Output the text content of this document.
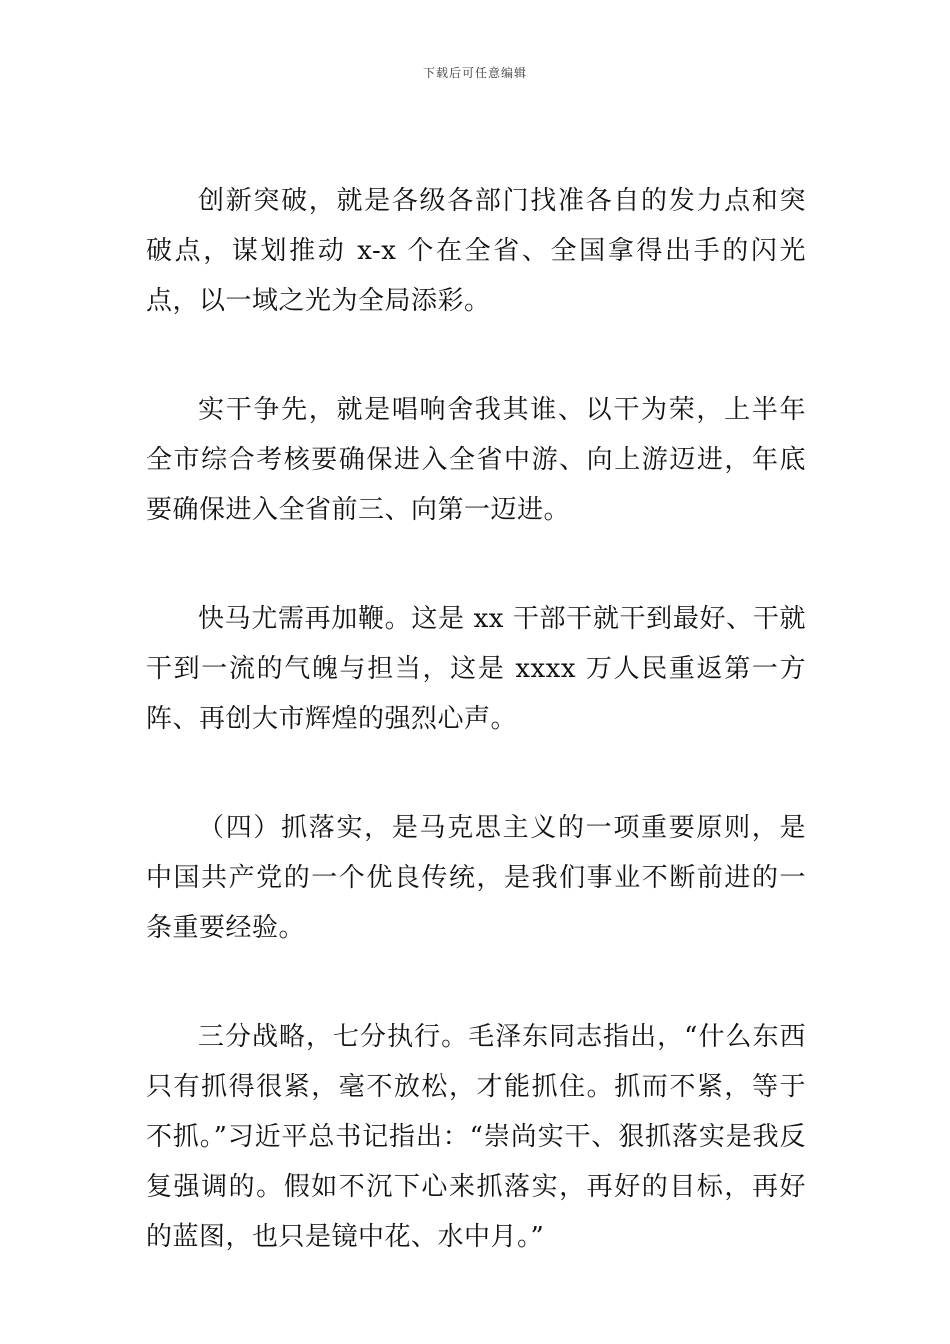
下载后可任意编辑

创新突破，就是各级各部门找准各自的发力点和突破点，谋划推动 x-x 个在全省、全国拿得出手的闪光点，以一域之光为全局添彩。

实干争先，就是唱响舍我其谁、以干为荣，上半年全市综合考核要确保进入全省中游、向上游迈进，年底要确保进入全省前三、向第一迈进。

快马尤需再加鞭。这是 xx 干部干就干到最好、干就干到一流的气魄与担当，这是 xxxx 万人民重返第一方阵、再创大市辉煌的强烈心声。

（四）抓落实，是马克思主义的一项重要原则，是中国共产党的一个优良传统，是我们事业不断前进的一条重要经验。

三分战略，七分执行。毛泽东同志指出，“什么东西只有抓得很紧，毫不放松，才能抓住。抓而不紧，等于不抓。”习近平总书记指出：“崇尚实干、狠抓落实是我反复强调的。假如不沉下心来抓落实，再好的目标，再好的蓝图，也只是镜中花、水中月。”
